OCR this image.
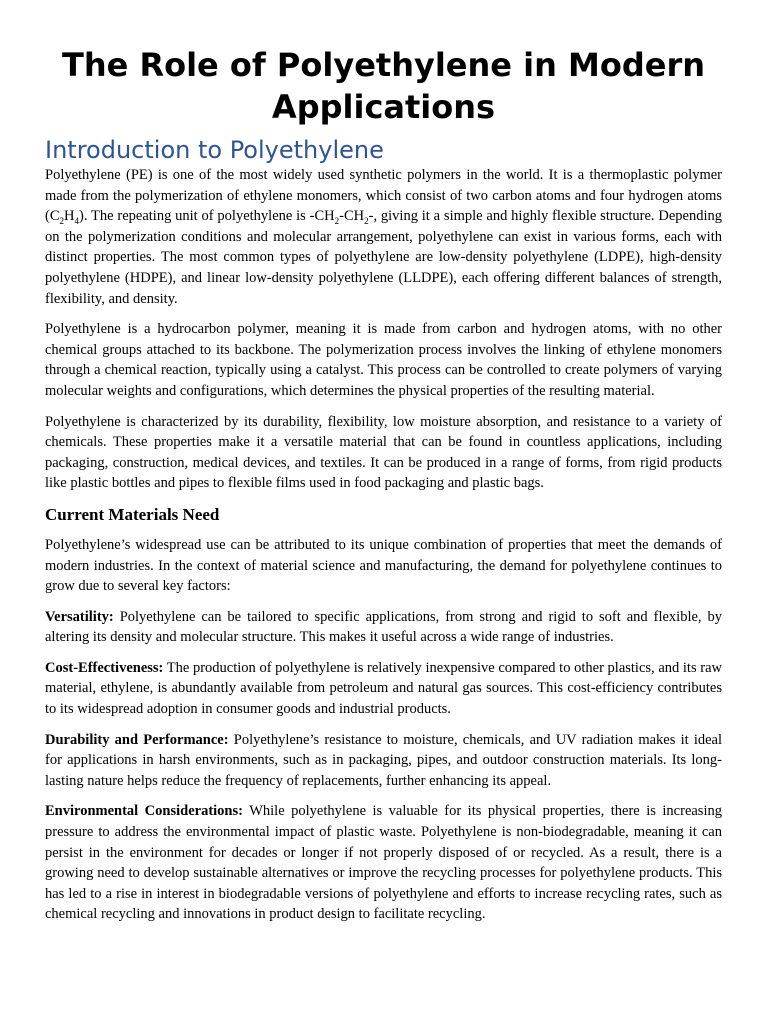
The Role of Polyethylene in Modern Applications
Introduction to Polyethylene

Polyethylene (PE) is one of the most widely used synthetic polymers in the world. It is a thermoplastic polymer made from the polymerization of ethylene monomers, which consist of two carbon atoms and four hydrogen atoms $(C_2H_4)$. The repeating unit of polyethylene is $-CH_2-CH_2-$, giving it a simple and highly flexible structure. Depending on the polymerization conditions and molecular arrangement, polyethylene can exist in various forms, each with distinct properties. The most common types of polyethylene are low-density polyethylene (LDPE), high-density polyethylene (HDPE), and linear low-density polyethylene (LLDPE), each offering different balances of strength, flexibility, and density.

Polyethylene is a hydrocarbon polymer, meaning it is made from carbon and hydrogen atoms, with no other chemical groups attached to its backbone. The polymerization process involves the linking of ethylene monomers through a chemical reaction, typically using a catalyst. This process can be controlled to create polymers of varying molecular weights and configurations, which determines the physical properties of the resulting material.

Polyethylene is characterized by its durability, flexibility, low moisture absorption, and resistance to a variety of chemicals. These properties make it a versatile material that can be found in countless applications, including packaging, construction, medical devices, and textiles. It can be produced in a range of forms, from rigid products like plastic bottles and pipes to flexible films used in food packaging and plastic bags.

Current Materials Need

Polyethylene’s widespread use can be attributed to its unique combination of properties that meet the demands of modern industries. In the context of material science and manufacturing, the demand for polyethylene continues to grow due to several key factors:

Versatility: Polyethylene can be tailored to specific applications, from strong and rigid to soft and flexible, by altering its density and molecular structure. This makes it useful across a wide range of industries.

Cost-Effectiveness: The production of polyethylene is relatively inexpensive compared to other plastics, and its raw material, ethylene, is abundantly available from petroleum and natural gas sources. This cost-efficiency contributes to its widespread adoption in consumer goods and industrial products.

Durability and Performance: Polyethylene’s resistance to moisture, chemicals, and UV radiation makes it ideal for applications in harsh environments, such as in packaging, pipes, and outdoor construction materials. Its long-lasting nature helps reduce the frequency of replacements, further enhancing its appeal.

Environmental Considerations: While polyethylene is valuable for its physical properties, there is increasing pressure to address the environmental impact of plastic waste. Polyethylene is non-biodegradable, meaning it can persist in the environment for decades or longer if not properly disposed of or recycled. As a result, there is a growing need to develop sustainable alternatives or improve the recycling processes for polyethylene products. This has led to a rise in interest in biodegradable versions of polyethylene and efforts to increase recycling rates, such as chemical recycling and innovations in product design to facilitate recycling.
